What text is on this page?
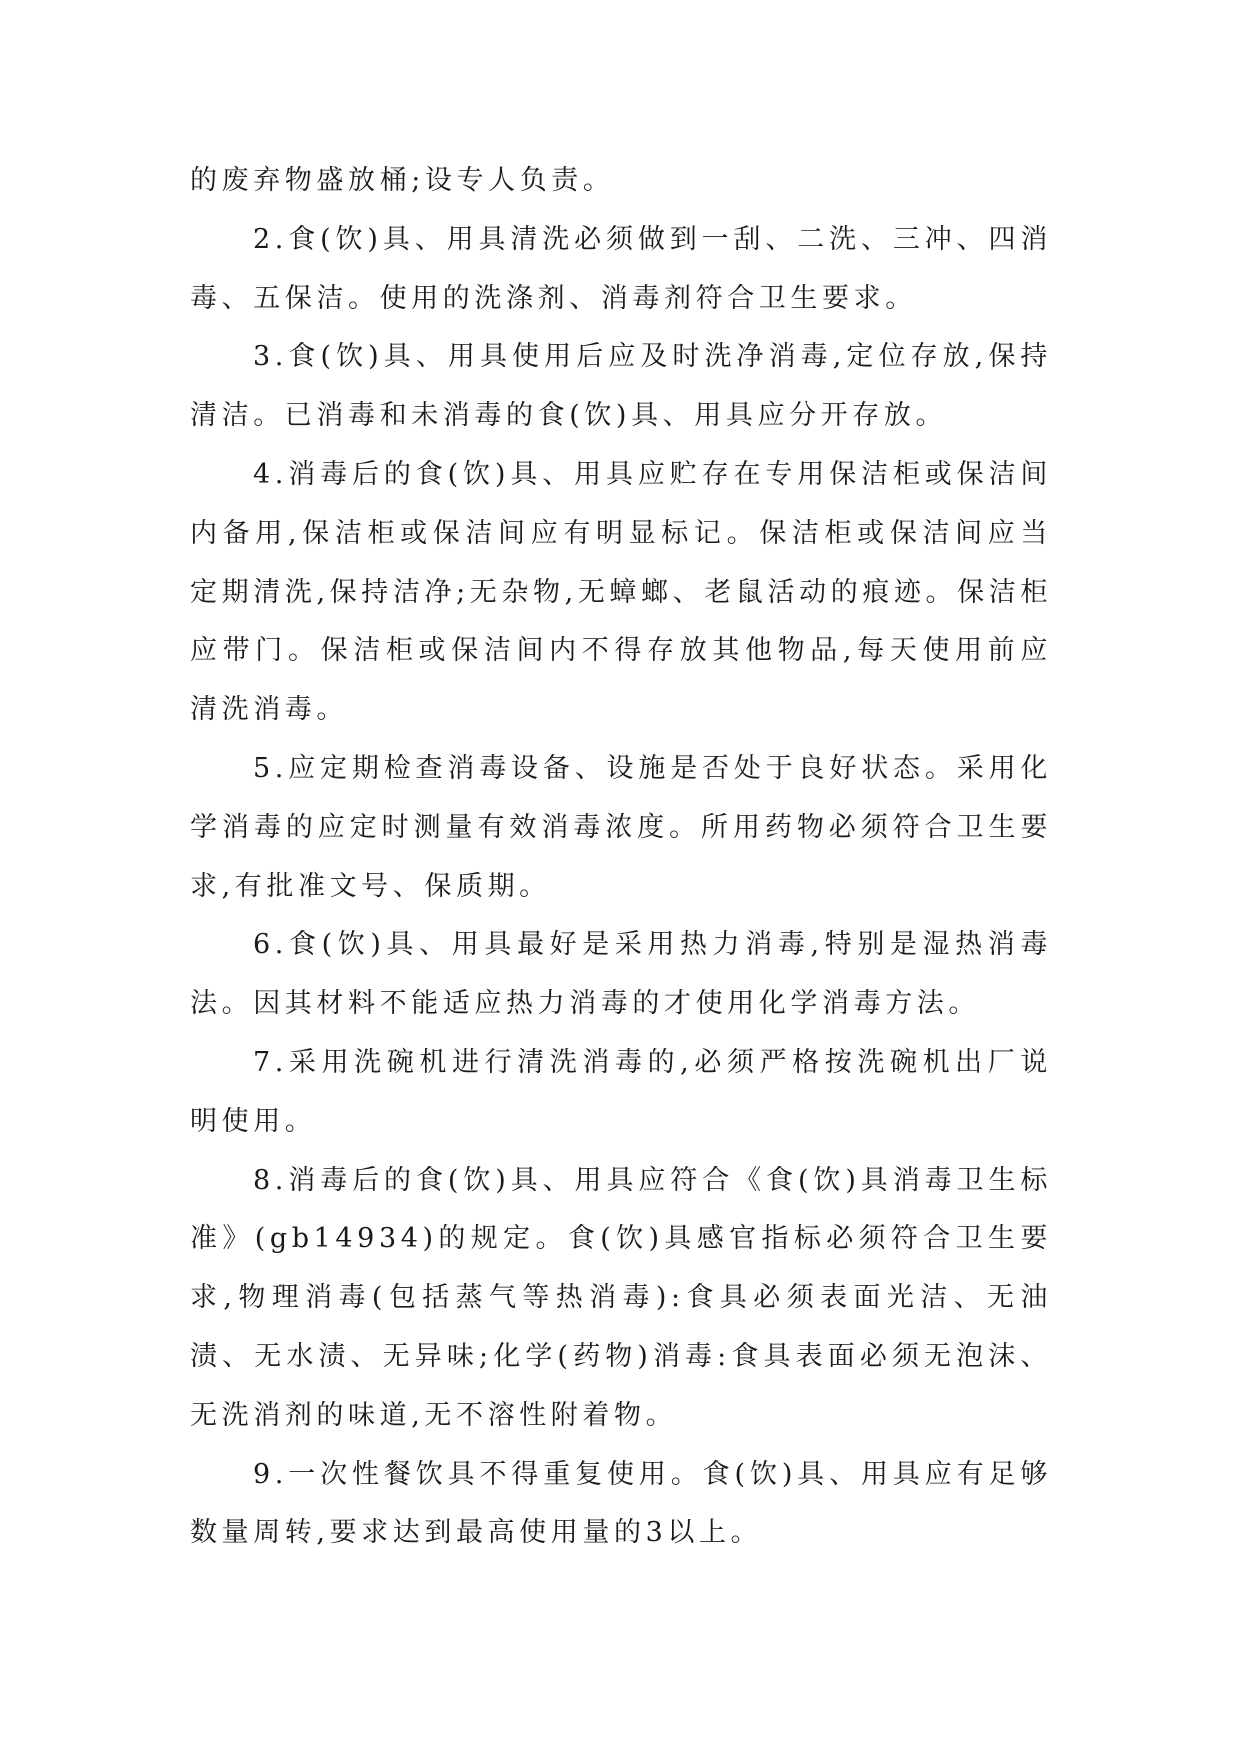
的废弃物盛放桶;设专人负责。

2.食(饮)具、用具清洗必须做到一刮、二洗、三冲、四消毒、五保洁。使用的洗涤剂、消毒剂符合卫生要求。

3.食(饮)具、用具使用后应及时洗净消毒,定位存放,保持清洁。已消毒和未消毒的食(饮)具、用具应分开存放。

4.消毒后的食(饮)具、用具应贮存在专用保洁柜或保洁间内备用,保洁柜或保洁间应有明显标记。保洁柜或保洁间应当定期清洗,保持洁净;无杂物,无蟑螂、老鼠活动的痕迹。保洁柜应带门。保洁柜或保洁间内不得存放其他物品,每天使用前应清洗消毒。

5.应定期检查消毒设备、设施是否处于良好状态。采用化学消毒的应定时测量有效消毒浓度。所用药物必须符合卫生要求,有批准文号、保质期。

6.食(饮)具、用具最好是采用热力消毒,特别是湿热消毒法。因其材料不能适应热力消毒的才使用化学消毒方法。

7.采用洗碗机进行清洗消毒的,必须严格按洗碗机出厂说明使用。

8.消毒后的食(饮)具、用具应符合《食(饮)具消毒卫生标准》(gb14934)的规定。食(饮)具感官指标必须符合卫生要求,物理消毒(包括蒸气等热消毒):食具必须表面光洁、无油渍、无水渍、无异味;化学(药物)消毒:食具表面必须无泡沫、无洗消剂的味道,无不溶性附着物。

9.一次性餐饮具不得重复使用。食(饮)具、用具应有足够数量周转,要求达到最高使用量的3以上。
